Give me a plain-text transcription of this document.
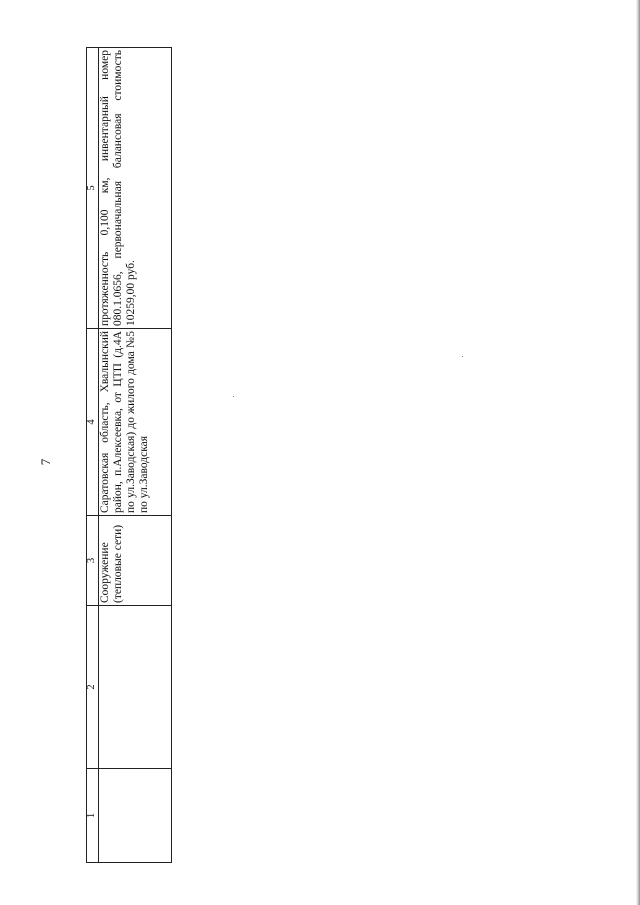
7
1	2	3	4	5

		Сооружение (тепловые сети)	Саратовская область, Хвалынский район, п.Алексеевка, от ЦТП (д.4А по ул.Заводская) до жилого дома №5 по ул.Заводская	протяженность 0,100 км, инвентарный номер 080.1.0656, первоначальная балансовая стоимость 10259,00 руб.
